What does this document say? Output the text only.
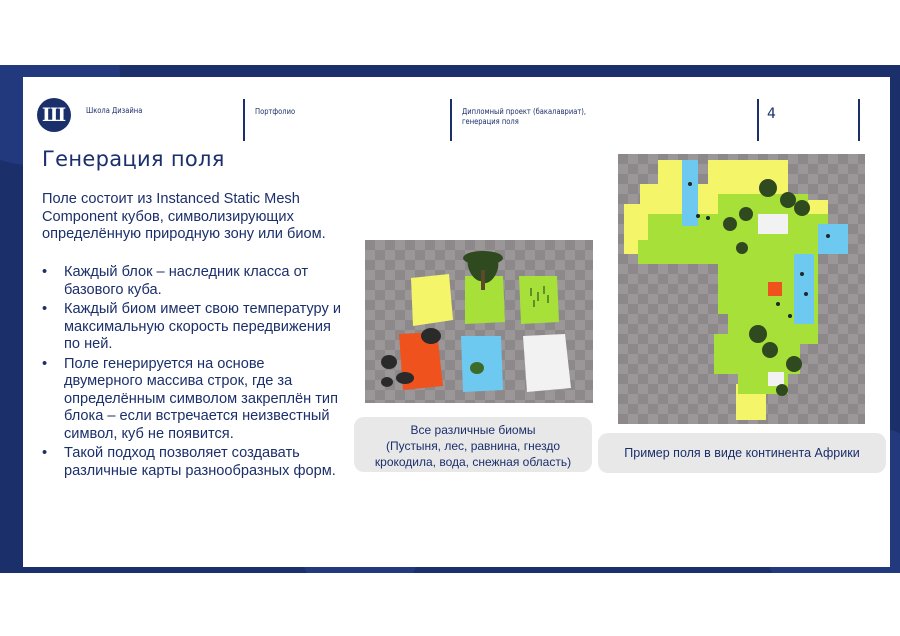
Ш	Школа Дизайна	Портфолио	Дипломный проект (бакалавриат),
генерация поля	4
Генерация поля
Поле состоит из Instanced Static Mesh Component кубов, символизирующих определённую природную зону или биом.
• Каждый блок – наследник класса от базового куба.
• Каждый биом имеет свою температуру и максимальную скорость передвижения по ней.
• Поле генерируется на основе двумерного массива строк, где за определённым символом закреплён тип блока – если встречается неизвестный символ, куб не появится.
• Такой подход позволяет создавать различные карты разнообразных форм.
Все различные биомы
(Пустыня, лес, равнина, гнездо
крокодила, вода, снежная область)
Пример поля в виде континента Африки
